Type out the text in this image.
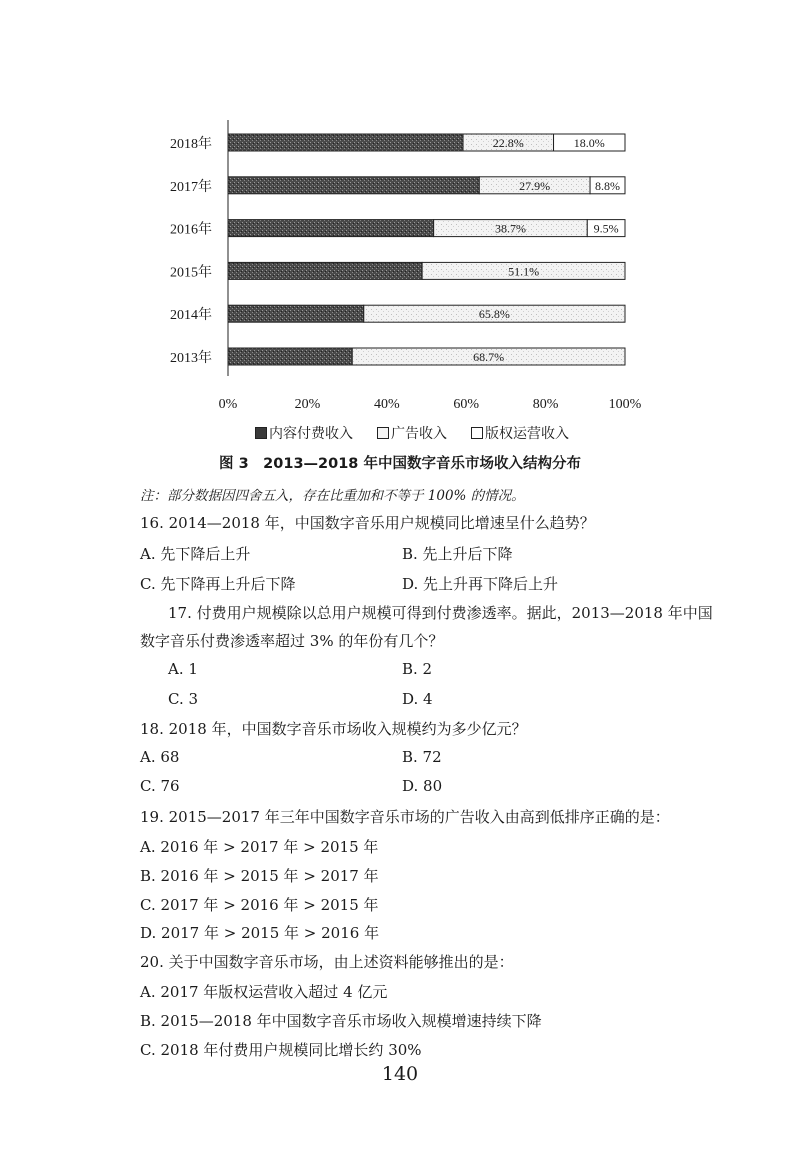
2018年	22.8%	18.0%
2017年	27.9%	8.8%
2016年	38.7%	9.5%
2015年	51.1%
2014年	65.8%
2013年	68.7%
0%	20%	40%	60%	80%	100%
内容付费收入	广告收入	版权运营收入
图 3　2013—2018 年中国数字音乐市场收入结构分布
注：部分数据因四舍五入，存在比重加和不等于 100% 的情况。
16. 2014—2018 年，中国数字音乐用户规模同比增速呈什么趋势？
A. 先下降后上升	B. 先上升后下降
C. 先下降再上升后下降	D. 先上升再下降后上升
17. 付费用户规模除以总用户规模可得到付费渗透率。据此，2013—2018 年中国
数字音乐付费渗透率超过 3% 的年份有几个？
A. 1	B. 2
C. 3	D. 4
18. 2018 年，中国数字音乐市场收入规模约为多少亿元？
A. 68	B. 72
C. 76	D. 80
19. 2015—2017 年三年中国数字音乐市场的广告收入由高到低排序正确的是：
A. 2016 年 > 2017 年 > 2015 年
B. 2016 年 > 2015 年 > 2017 年
C. 2017 年 > 2016 年 > 2015 年
D. 2017 年 > 2015 年 > 2016 年
20. 关于中国数字音乐市场，由上述资料能够推出的是：
A. 2017 年版权运营收入超过 4 亿元
B. 2015—2018 年中国数字音乐市场收入规模增速持续下降
C. 2018 年付费用户规模同比增长约 30%
140
